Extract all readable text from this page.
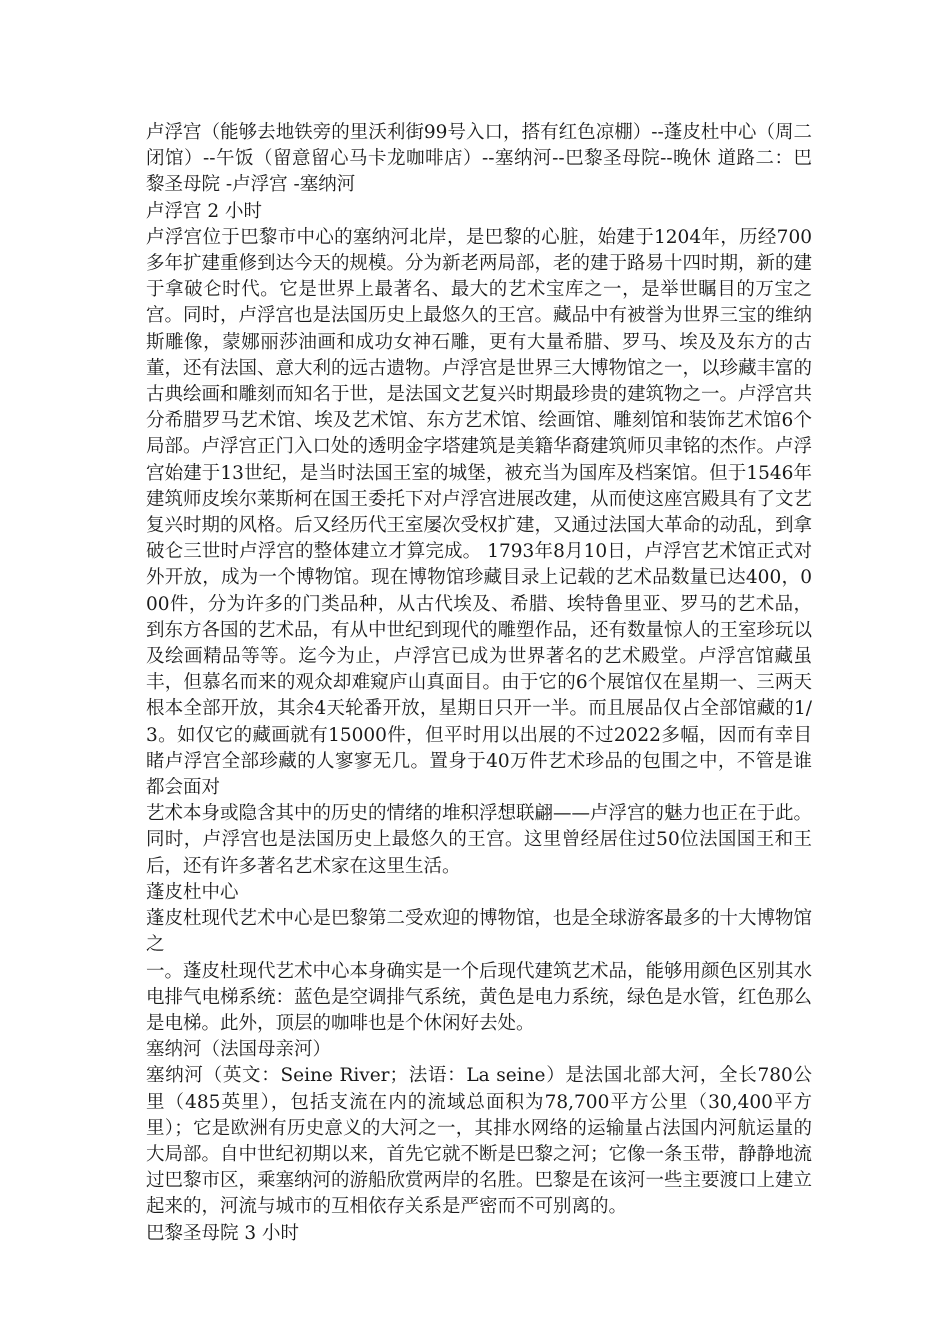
卢浮宫（能够去地铁旁的里沃利街99号入口，搭有红色凉棚）--蓬皮杜中心（周二闭馆）--午饭（留意留心马卡龙咖啡店）--塞纳河--巴黎圣母院--晚休 道路二：巴黎圣母院 -卢浮宫 -塞纳河

卢浮宫 2 小时

卢浮宫位于巴黎市中心的塞纳河北岸，是巴黎的心脏，始建于1204年，历经700多年扩建重修到达今天的规模。分为新老两局部，老的建于路易十四时期，新的建于拿破仑时代。它是世界上最著名、最大的艺术宝库之一，是举世瞩目的万宝之宫。同时，卢浮宫也是法国历史上最悠久的王宫。藏品中有被誉为世界三宝的维纳斯雕像，蒙娜丽莎油画和成功女神石雕，更有大量希腊、罗马、埃及及东方的古董，还有法国、意大利的远古遗物。卢浮宫是世界三大博物馆之一，以珍藏丰富的古典绘画和雕刻而知名于世，是法国文艺复兴时期最珍贵的建筑物之一。卢浮宫共分希腊罗马艺术馆、埃及艺术馆、东方艺术馆、绘画馆、雕刻馆和装饰艺术馆6个局部。卢浮宫正门入口处的透明金字塔建筑是美籍华裔建筑师贝聿铭的杰作。卢浮宫始建于13世纪，是当时法国王室的城堡，被充当为国库及档案馆。但于1546年建筑师皮埃尔莱斯柯在国王委托下对卢浮宫进展改建，从而使这座宫殿具有了文艺复兴时期的风格。后又经历代王室屡次受权扩建，又通过法国大革命的动乱，到拿破仑三世时卢浮宫的整体建立才算完成。 1793年8月10日，卢浮宫艺术馆正式对外开放，成为一个博物馆。现在博物馆珍藏目录上记载的艺术品数量已达400，000件，分为许多的门类品种，从古代埃及、希腊、埃特鲁里亚、罗马的艺术品，到东方各国的艺术品，有从中世纪到现代的雕塑作品，还有数量惊人的王室珍玩以及绘画精品等等。迄今为止，卢浮宫已成为世界著名的艺术殿堂。卢浮宫馆藏虽丰，但慕名而来的观众却难窥庐山真面目。由于它的6个展馆仅在星期一、三两天根本全部开放，其余4天轮番开放，星期日只开一半。而且展品仅占全部馆藏的1/3。如仅它的藏画就有15000件，但平时用以出展的不过2022多幅，因而有幸目睹卢浮宫全部珍藏的人寥寥无几。置身于40万件艺术珍品的包围之中，不管是谁都会面对

艺术本身或隐含其中的历史的情绪的堆积浮想联翩——卢浮宫的魅力也正在于此。同时，卢浮宫也是法国历史上最悠久的王宫。这里曾经居住过50位法国国王和王后，还有许多著名艺术家在这里生活。

蓬皮杜中心

蓬皮杜现代艺术中心是巴黎第二受欢迎的博物馆，也是全球游客最多的十大博物馆之

一。蓬皮杜现代艺术中心本身确实是一个后现代建筑艺术品，能够用颜色区别其水电排气电梯系统：蓝色是空调排气系统，黄色是电力系统，绿色是水管，红色那么是电梯。此外，顶层的咖啡也是个休闲好去处。

塞纳河（法国母亲河）

塞纳河（英文：Seine River；法语：La seine）是法国北部大河，全长780公里（485英里），包括支流在内的流域总面积为78,700平方公里（30,400平方里）；它是欧洲有历史意义的大河之一，其排水网络的运输量占法国内河航运量的大局部。自中世纪初期以来，首先它就不断是巴黎之河；它像一条玉带，静静地流过巴黎市区，乘塞纳河的游船欣赏两岸的名胜。巴黎是在该河一些主要渡口上建立起来的，河流与城市的互相依存关系是严密而不可别离的。

巴黎圣母院 3 小时
